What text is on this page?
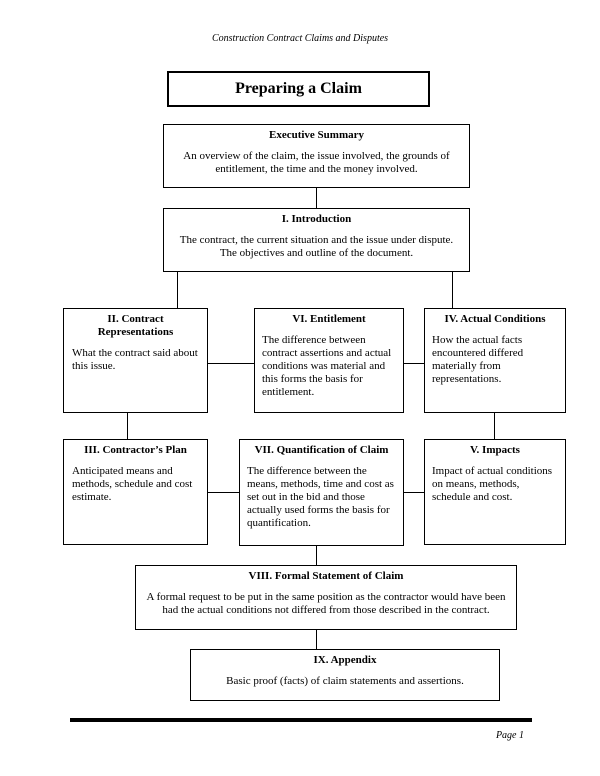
Construction Contract Claims and Disputes
Preparing a Claim
Executive Summary
An overview of the claim, the issue involved, the grounds of entitlement, the time and the money involved.
I. Introduction
The contract, the current situation and the issue under dispute. The objectives and outline of the document.
II. Contract Representations
What the contract said about this issue.
VI. Entitlement
The difference between contract assertions and actual conditions was material and this forms the basis for entitlement.
IV. Actual Conditions
How the actual facts encountered differed materially from representations.
III. Contractor’s Plan
Anticipated means and methods, schedule and cost estimate.
VII. Quantification of Claim
The difference between the means, methods, time and cost as set out in the bid and those actually used forms the basis for quantification.
V. Impacts
Impact of actual conditions on means, methods, schedule and cost.
VIII. Formal Statement of Claim
A formal request to be put in the same position as the contractor would have been had the actual conditions not differed from those described in the contract.
IX. Appendix
Basic proof (facts) of claim statements and assertions.
Page 1
